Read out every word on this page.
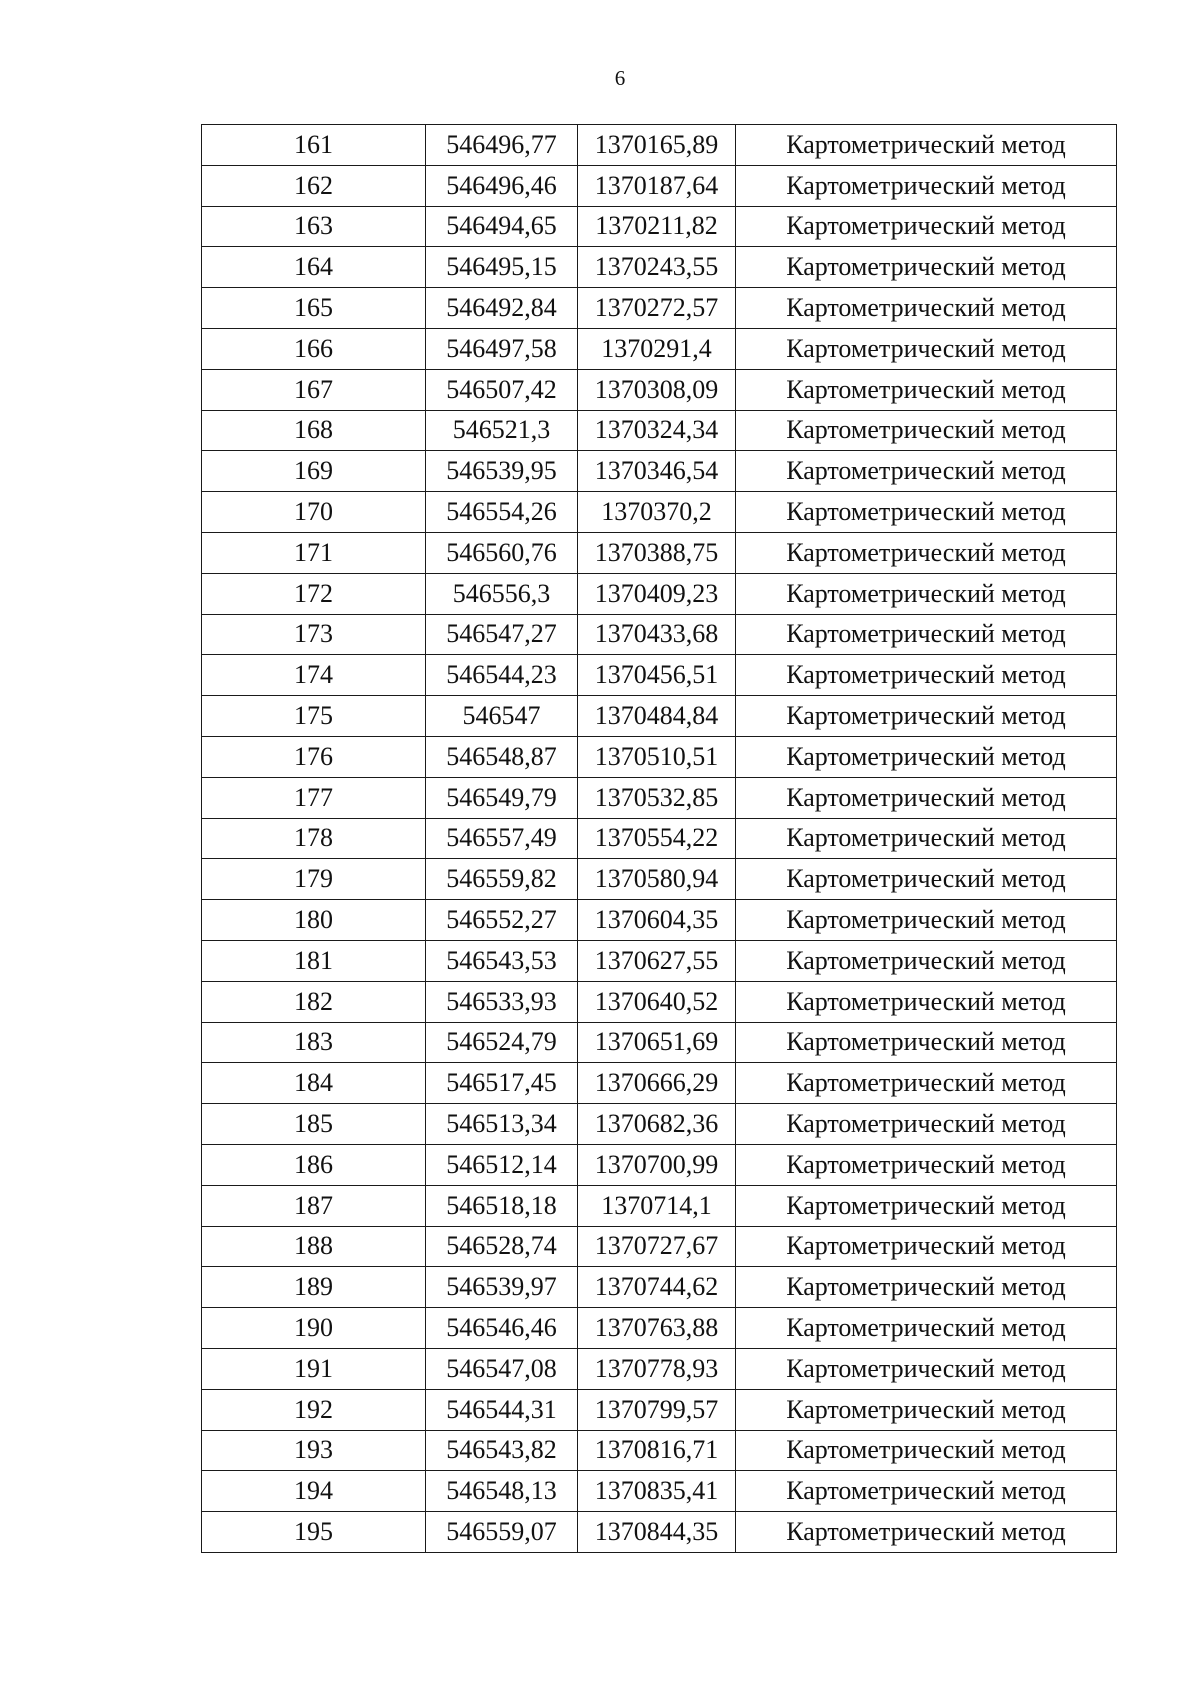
6
161	546496,77	1370165,89	Картометрический метод
162	546496,46	1370187,64	Картометрический метод
163	546494,65	1370211,82	Картометрический метод
164	546495,15	1370243,55	Картометрический метод
165	546492,84	1370272,57	Картометрический метод
166	546497,58	1370291,4	Картометрический метод
167	546507,42	1370308,09	Картометрический метод
168	546521,3	1370324,34	Картометрический метод
169	546539,95	1370346,54	Картометрический метод
170	546554,26	1370370,2	Картометрический метод
171	546560,76	1370388,75	Картометрический метод
172	546556,3	1370409,23	Картометрический метод
173	546547,27	1370433,68	Картометрический метод
174	546544,23	1370456,51	Картометрический метод
175	546547	1370484,84	Картометрический метод
176	546548,87	1370510,51	Картометрический метод
177	546549,79	1370532,85	Картометрический метод
178	546557,49	1370554,22	Картометрический метод
179	546559,82	1370580,94	Картометрический метод
180	546552,27	1370604,35	Картометрический метод
181	546543,53	1370627,55	Картометрический метод
182	546533,93	1370640,52	Картометрический метод
183	546524,79	1370651,69	Картометрический метод
184	546517,45	1370666,29	Картометрический метод
185	546513,34	1370682,36	Картометрический метод
186	546512,14	1370700,99	Картометрический метод
187	546518,18	1370714,1	Картометрический метод
188	546528,74	1370727,67	Картометрический метод
189	546539,97	1370744,62	Картометрический метод
190	546546,46	1370763,88	Картометрический метод
191	546547,08	1370778,93	Картометрический метод
192	546544,31	1370799,57	Картометрический метод
193	546543,82	1370816,71	Картометрический метод
194	546548,13	1370835,41	Картометрический метод
195	546559,07	1370844,35	Картометрический метод
